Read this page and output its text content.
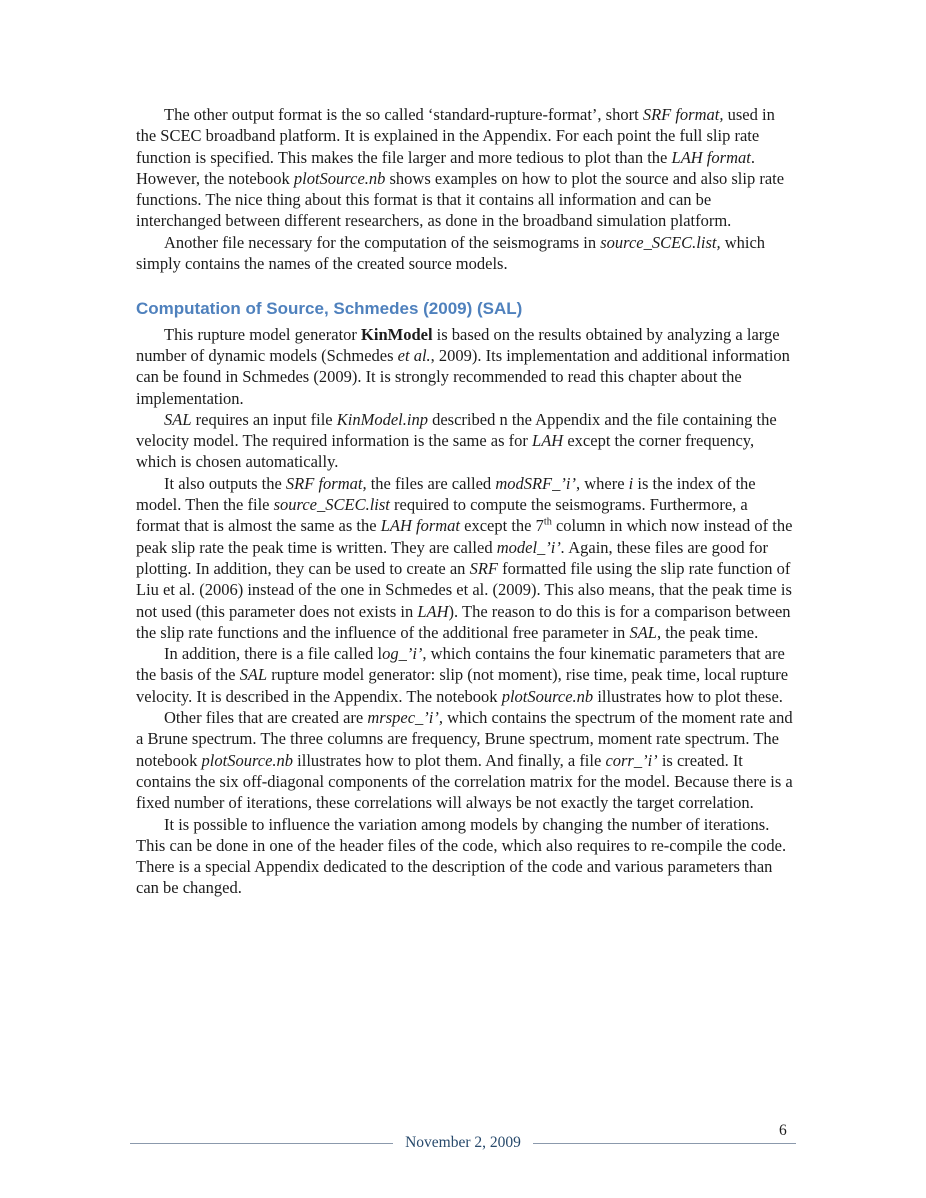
The other output format is the so called ‘standard-rupture-format’, short SRF format, used in the SCEC broadband platform. It is explained in the Appendix. For each point the full slip rate function is specified. This makes the file larger and more tedious to plot than the LAH format. However, the notebook plotSource.nb shows examples on how to plot the source and also slip rate functions. The nice thing about this format is that it contains all information and can be interchanged between different researchers, as done in the broadband simulation platform.

Another file necessary for the computation of the seismograms in source_SCEC.list, which simply contains the names of the created source models.

Computation of Source, Schmedes (2009) (SAL)

This rupture model generator KinModel is based on the results obtained by analyzing a large number of dynamic models (Schmedes et al., 2009). Its implementation and additional information can be found in Schmedes (2009). It is strongly recommended to read this chapter about the implementation.

SAL requires an input file KinModel.inp described n the Appendix and the file containing the velocity model. The required information is the same as for LAH except the corner frequency, which is chosen automatically.

It also outputs the SRF format, the files are called modSRF_’i’, where i is the index of the model. Then the file source_SCEC.list required to compute the seismograms. Furthermore, a format that is almost the same as the LAH format except the 7th column in which now instead of the peak slip rate the peak time is written. They are called model_’i’. Again, these files are good for plotting. In addition, they can be used to create an SRF formatted file using the slip rate function of Liu et al. (2006) instead of the one in Schmedes et al. (2009). This also means, that the peak time is not used (this parameter does not exists in LAH). The reason to do this is for a comparison between the slip rate functions and the influence of the additional free parameter in SAL, the peak time.

In addition, there is a file called log_’i’, which contains the four kinematic parameters that are the basis of the SAL rupture model generator: slip (not moment), rise time, peak time, local rupture velocity. It is described in the Appendix. The notebook plotSource.nb illustrates how to plot these.

Other files that are created are mrspec_’i’, which contains the spectrum of the moment rate and a Brune spectrum. The three columns are frequency, Brune spectrum, moment rate spectrum. The notebook plotSource.nb illustrates how to plot them. And finally, a file corr_’i’ is created. It contains the six off-diagonal components of the correlation matrix for the model. Because there is a fixed number of iterations, these correlations will always be not exactly the target correlation.

It is possible to influence the variation among models by changing the number of iterations. This can be done in one of the header files of the code, which also requires to re-compile the code. There is a special Appendix dedicated to the description of the code and various parameters than can be changed.

6
November 2, 2009
